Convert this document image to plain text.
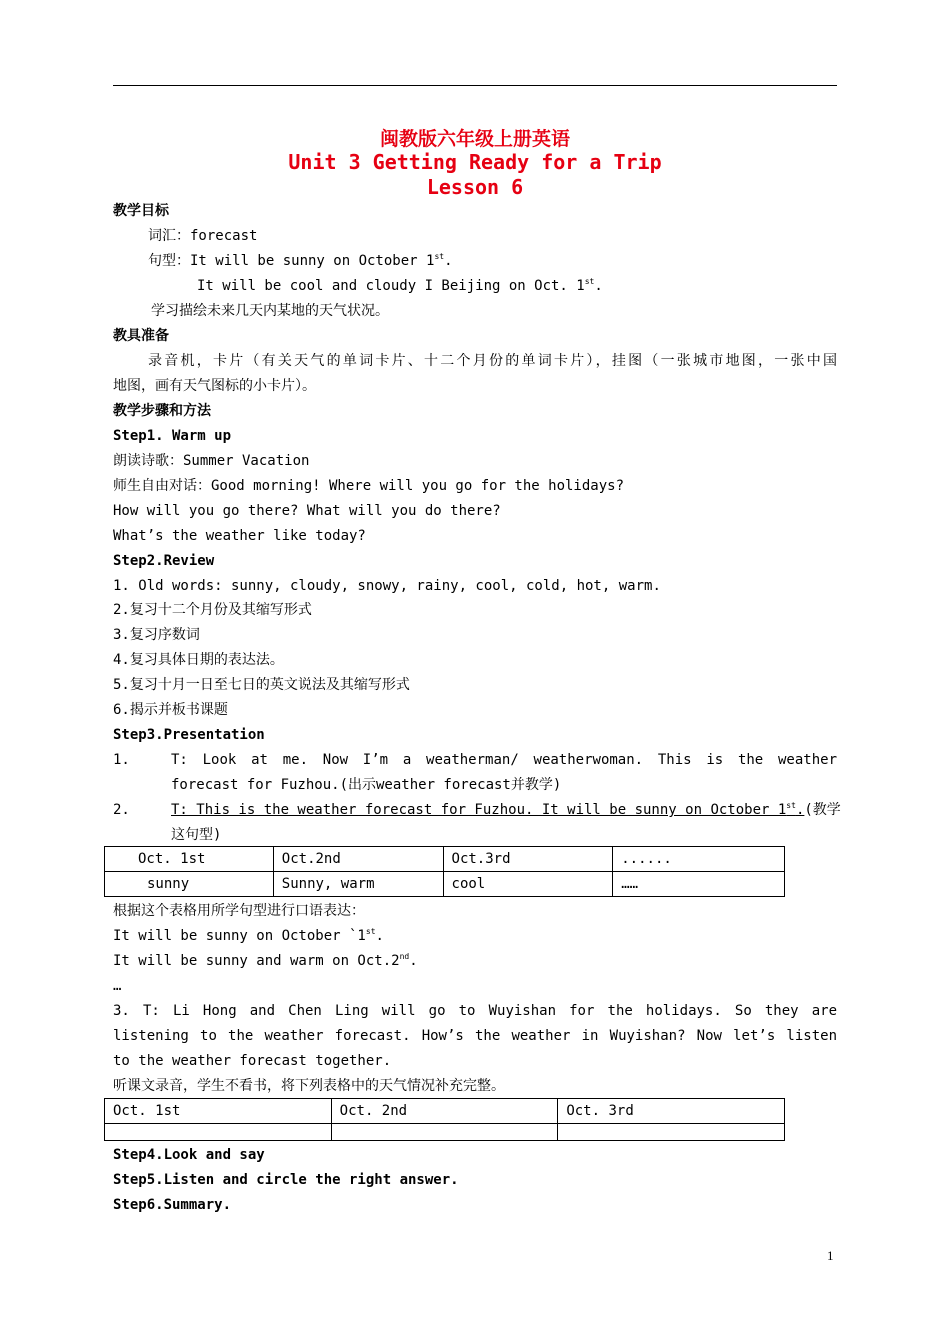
闽教版六年级上册英语
Unit 3 Getting Ready for a Trip
Lesson 6
教学目标
词汇：forecast
句型：It will be sunny on October 1st.
It will be cool and cloudy I Beijing on Oct. 1st.
学习描绘未来几天内某地的天气状况。
教具准备
录音机，卡片（有关天气的单词卡片、十二个月份的单词卡片），挂图（一张城市地图，一张中国
地图，画有天气图标的小卡片）。
教学步骤和方法
Step1. Warm up
朗读诗歌：Summer Vacation
师生自由对话：Good morning! Where will you go for the holidays?
How will you go there? What will you do there?
What’s the weather like today?
Step2.Review
1. Old words: sunny, cloudy, snowy, rainy, cool, cold, hot, warm.
2.复习十二个月份及其缩写形式
3.复习序数词
4.复习具体日期的表达法。
5.复习十月一日至七日的英文说法及其缩写形式
6.揭示并板书课题
Step3.Presentation
1.	T: Look at me. Now I’m a weatherman/ weatherwoman. This is the weather
forecast for Fuzhou.(出示weather forecast并教学)
2.	T: This is the weather forecast for Fuzhou. It will be sunny on October 1st.(教学
这句型)
Oct. 1st	Oct.2nd	Oct.3rd	......
sunny	Sunny, warm	cool	……
根据这个表格用所学句型进行口语表达：
It will be sunny on October `1st.
It will be sunny and warm on Oct.2nd.
…
3. T: Li Hong and Chen Ling will go to Wuyishan for the holidays. So they are
listening to the weather forecast. How’s the weather in Wuyishan? Now let’s listen
to the weather forecast together.
听课文录音，学生不看书，将下列表格中的天气情况补充完整。
Oct. 1st	Oct. 2nd	Oct. 3rd

Step4.Look and say
Step5.Listen and circle the right answer.
Step6.Summary.
1
